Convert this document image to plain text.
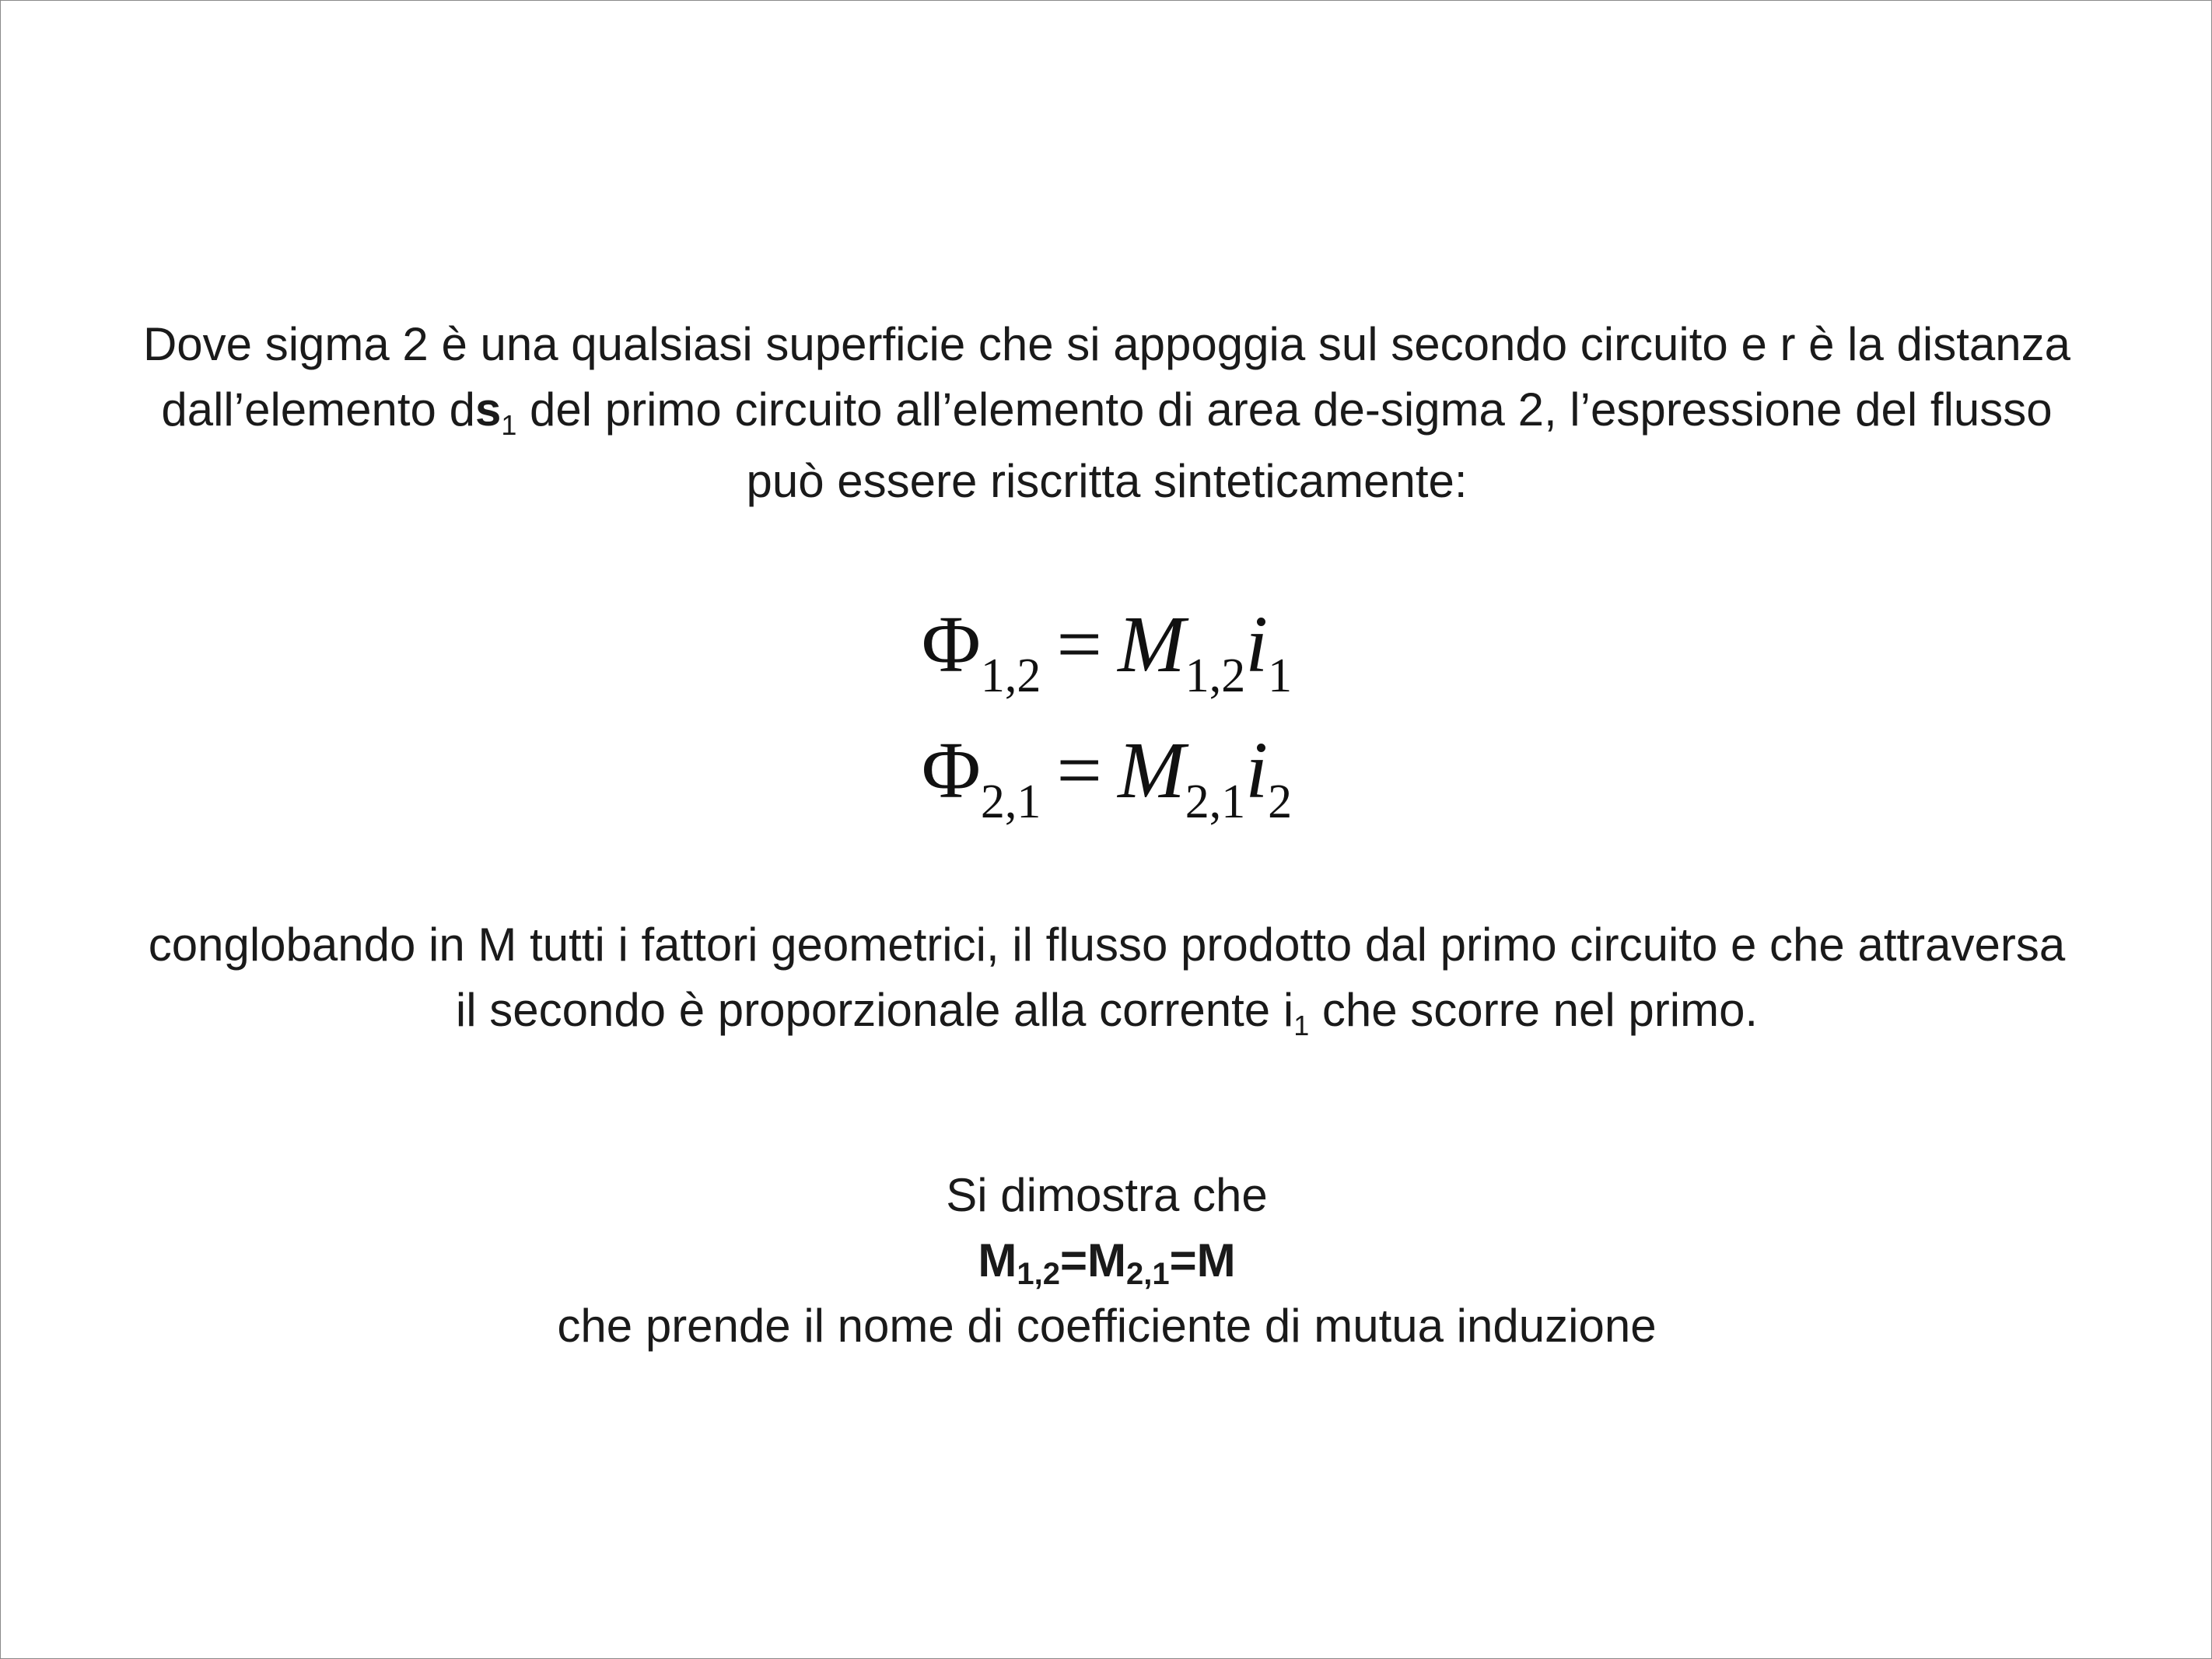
Dove sigma 2 è una qualsiasi superficie che si appoggia sul secondo circuito e r è la distanza
dall’elemento $ds_1$ del primo circuito all’elemento di area de-sigma 2, l’espressione del flusso
può essere riscritta sinteticamente:

$\Phi_{1,2} = M_{1,2}i_1$
$\Phi_{2,1} = M_{2,1}i_2$

conglobando in M tutti i fattori geometrici, il flusso prodotto dal primo circuito e che attraversa
il secondo è proporzionale alla corrente $i_1$ che scorre nel primo.

Si dimostra che
$M_{1,2}=M_{2,1}=M$
che prende il nome di coefficiente di mutua induzione
